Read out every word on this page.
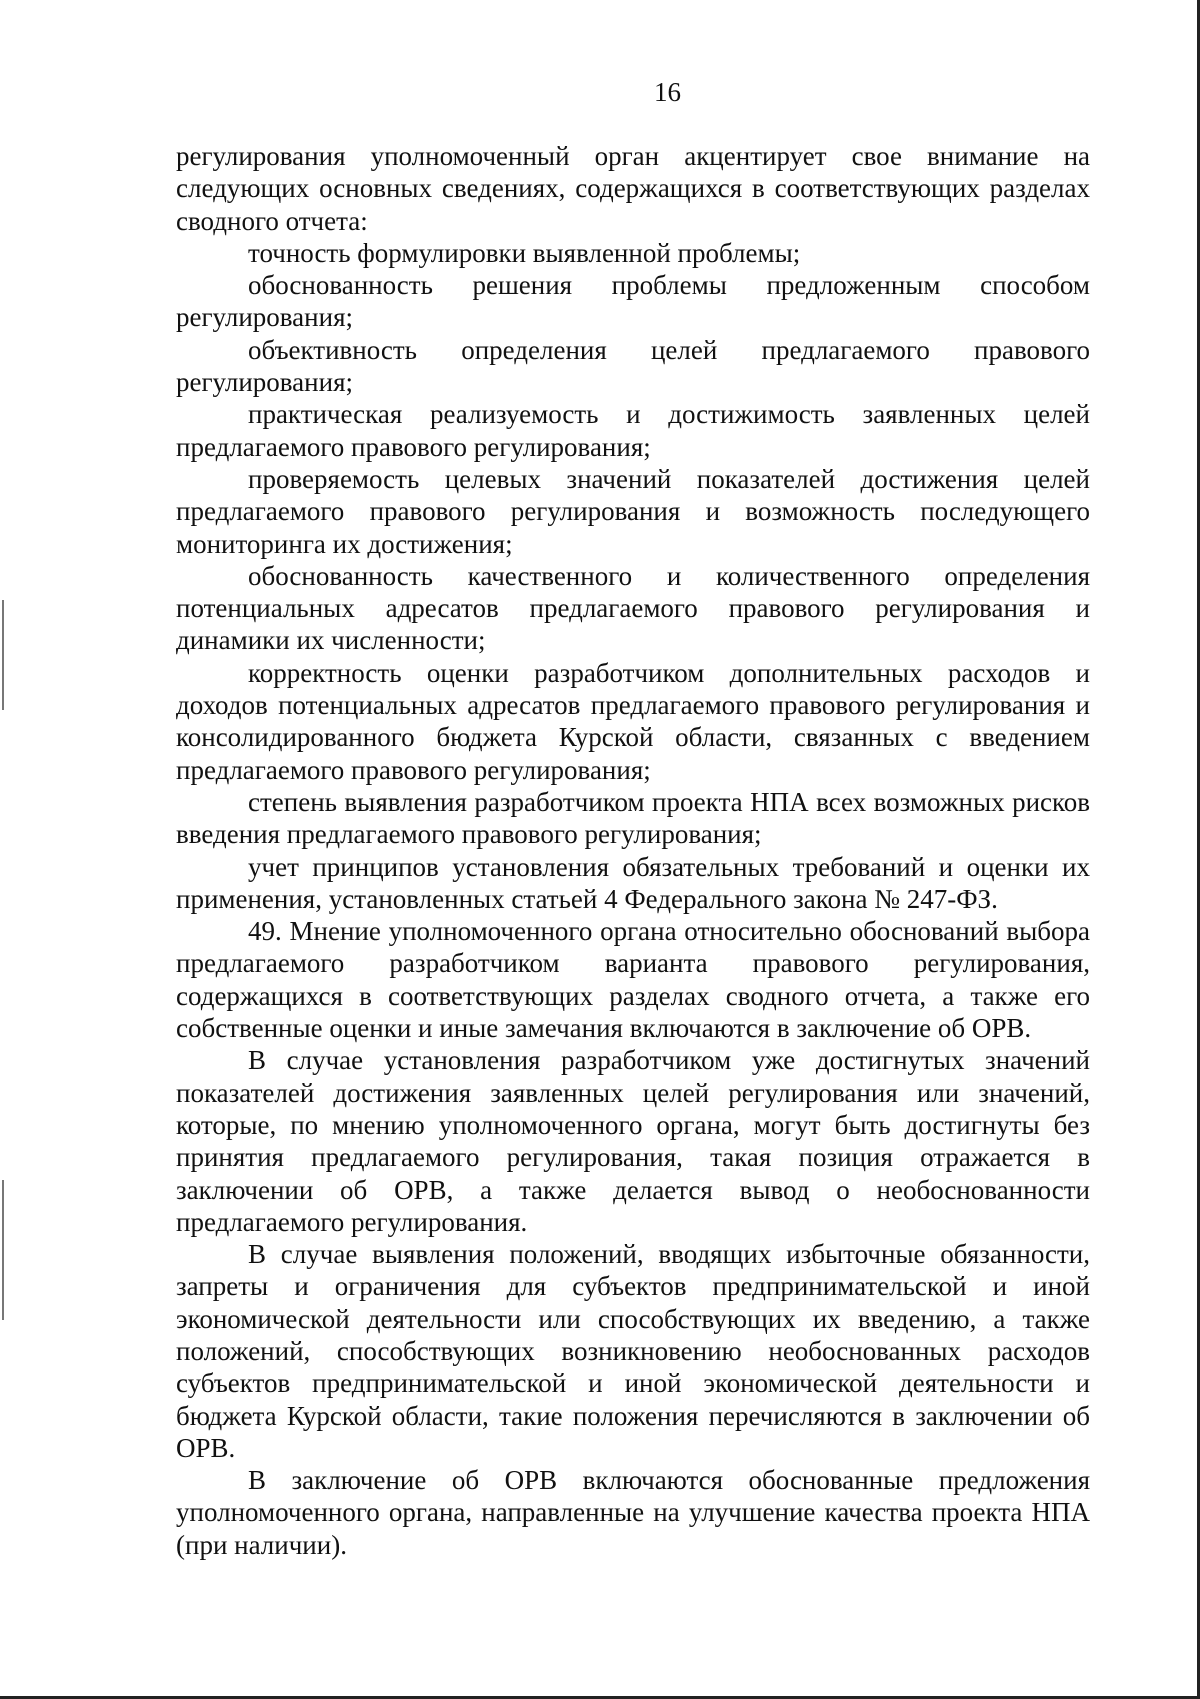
16

регулирования уполномоченный орган акцентирует свое внимание на следующих основных сведениях, содержащихся в соответствующих разделах сводного отчета:

точность формулировки выявленной проблемы;

обоснованность решения проблемы предложенным способом регулирования;

объективность определения целей предлагаемого правового регулирования;

практическая реализуемость и достижимость заявленных целей предлагаемого правового регулирования;

проверяемость целевых значений показателей достижения целей предлагаемого правового регулирования и возможность последующего мониторинга их достижения;

обоснованность качественного и количественного определения потенциальных адресатов предлагаемого правового регулирования и динамики их численности;

корректность оценки разработчиком дополнительных расходов и доходов потенциальных адресатов предлагаемого правового регулирования и консолидированного бюджета Курской области, связанных с введением предлагаемого правового регулирования;

степень выявления разработчиком проекта НПА всех возможных рисков введения предлагаемого правового регулирования;

учет принципов установления обязательных требований и оценки их применения, установленных статьей 4 Федерального закона № 247-ФЗ.

49. Мнение уполномоченного органа относительно обоснований выбора предлагаемого разработчиком варианта правового регулирования, содержащихся в соответствующих разделах сводного отчета, а также его собственные оценки и иные замечания включаются в заключение об ОРВ.

В случае установления разработчиком уже достигнутых значений показателей достижения заявленных целей регулирования или значений, которые, по мнению уполномоченного органа, могут быть достигнуты без принятия предлагаемого регулирования, такая позиция отражается в заключении об ОРВ, а также делается вывод о необоснованности предлагаемого регулирования.

В случае выявления положений, вводящих избыточные обязанности, запреты и ограничения для субъектов предпринимательской и иной экономической деятельности или способствующих их введению, а также положений, способствующих возникновению необоснованных расходов субъектов предпринимательской и иной экономической деятельности и бюджета Курской области, такие положения перечисляются в заключении об ОРВ.

В заключение об ОРВ включаются обоснованные предложения уполномоченного органа, направленные на улучшение качества проекта НПА (при наличии).
